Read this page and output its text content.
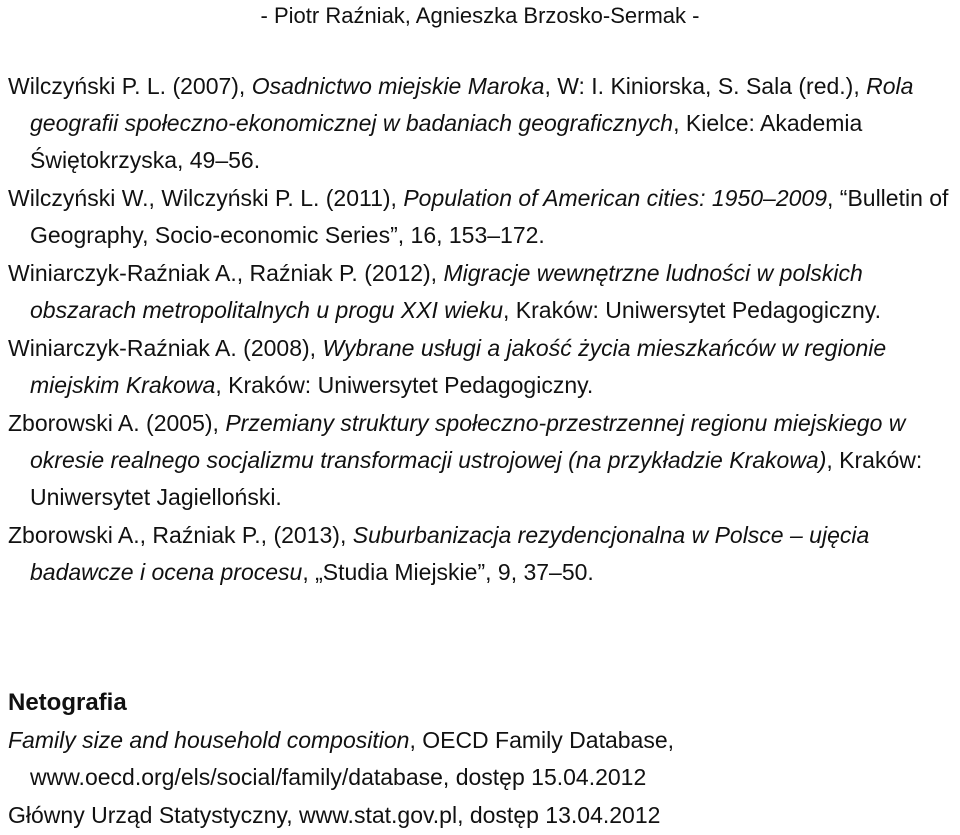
- Piotr Raźniak, Agnieszka Brzosko-Sermak -
Wilczyński P. L. (2007), Osadnictwo miejskie Maroka, W: I. Kiniorska, S. Sala (red.), Rola geografii społeczno-ekonomicznej w badaniach geograficznych, Kielce: Akademia Świętokrzyska, 49–56.
Wilczyński W., Wilczyński P. L. (2011), Population of American cities: 1950–2009, “Bulletin of Geography, Socio-economic Series”, 16, 153–172.
Winiarczyk-Raźniak A., Raźniak P. (2012), Migracje wewnętrzne ludności w polskich obszarach metropolitalnych u progu XXI wieku, Kraków: Uniwersytet Pedagogiczny.
Winiarczyk-Raźniak A. (2008), Wybrane usługi a jakość życia mieszkańców w regionie miejskim Krakowa, Kraków: Uniwersytet Pedagogiczny.
Zborowski A. (2005), Przemiany struktury społeczno-przestrzennej regionu miejskiego w okresie realnego socjalizmu transformacji ustrojowej (na przykładzie Krakowa), Kraków: Uniwersytet Jagielloński.
Zborowski A., Raźniak P., (2013), Suburbanizacja rezydencjonalna w Polsce – ujęcia badawcze i ocena procesu, „Studia Miejskie”, 9, 37–50.
Netografia
Family size and household composition, OECD Family Database, www.oecd.org/els/social/family/database, dostęp 15.04.2012
Główny Urząd Statystyczny, www.stat.gov.pl, dostęp 13.04.2012
